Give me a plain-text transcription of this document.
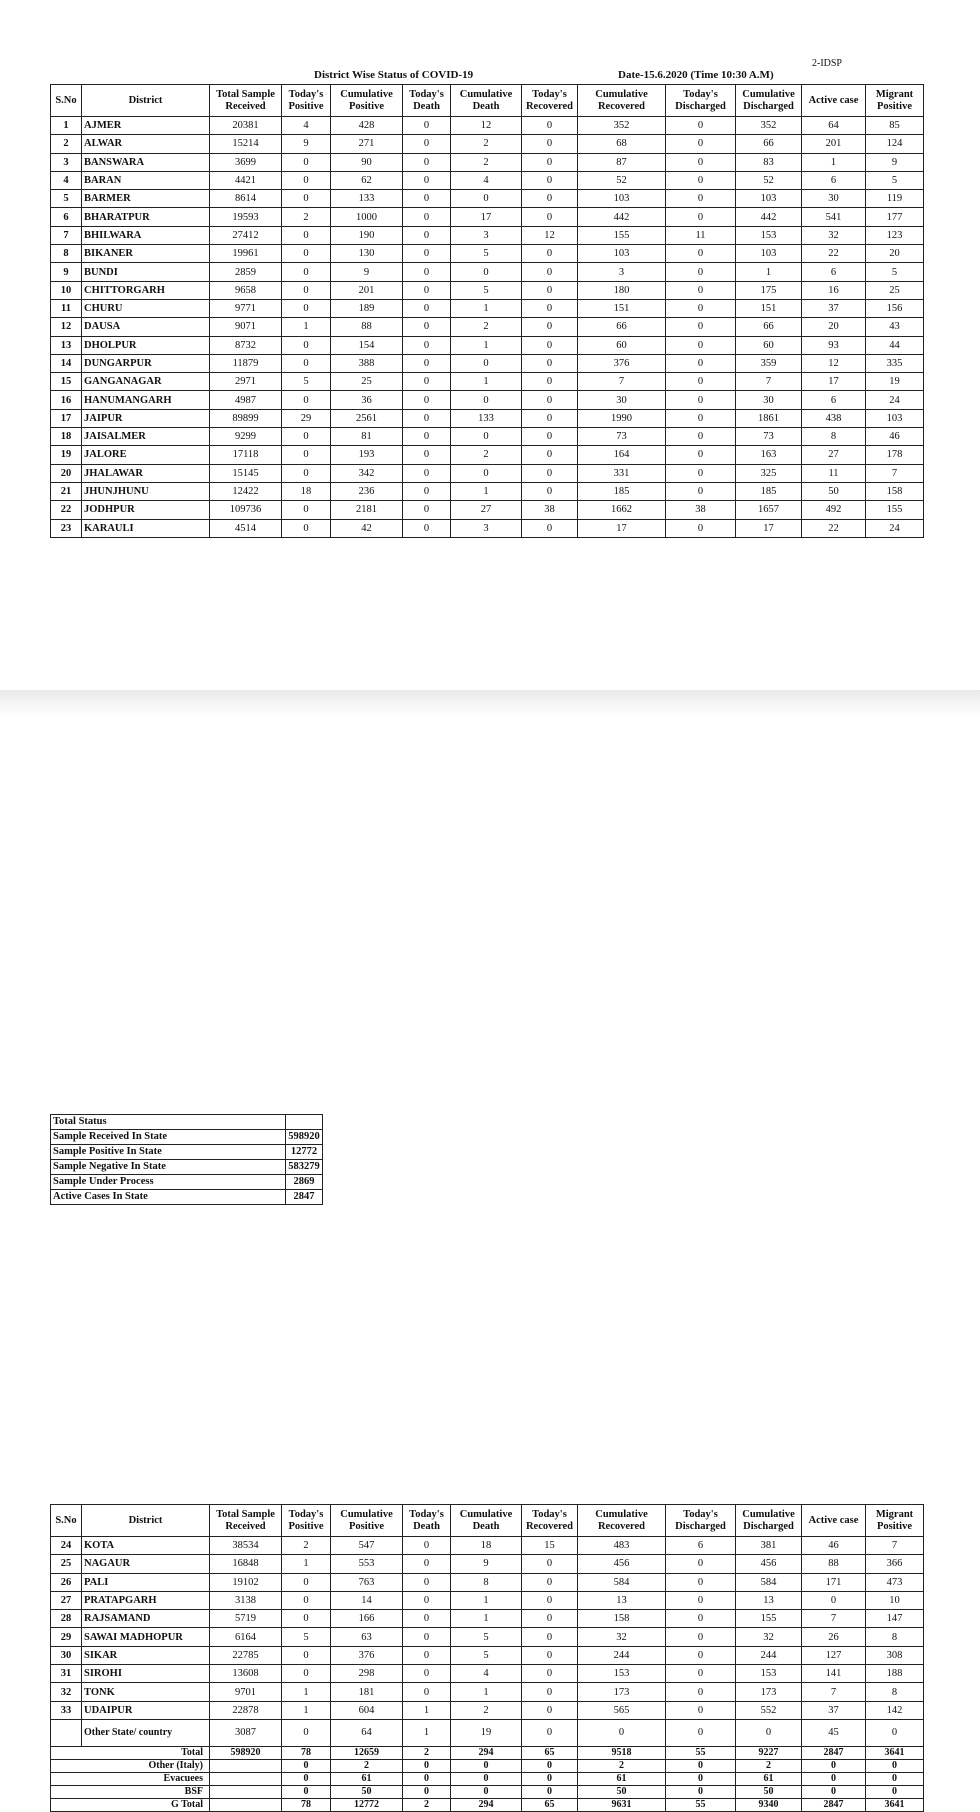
2-IDSP
District Wise Status of COVID-19	Date-15.6.2020 (Time 10:30 A.M)
S.No	District	Total Sample Received	Today's Positive	Cumulative Positive	Today's Death	Cumulative Death	Today's Recovered	Cumulative Recovered	Today's Discharged	Cumulative Discharged	Active case	Migrant Positive
1	AJMER	20381	4	428	0	12	0	352	0	352	64	85
2	ALWAR	15214	9	271	0	2	0	68	0	66	201	124
3	BANSWARA	3699	0	90	0	2	0	87	0	83	1	9
4	BARAN	4421	0	62	0	4	0	52	0	52	6	5
5	BARMER	8614	0	133	0	0	0	103	0	103	30	119
6	BHARATPUR	19593	2	1000	0	17	0	442	0	442	541	177
7	BHILWARA	27412	0	190	0	3	12	155	11	153	32	123
8	BIKANER	19961	0	130	0	5	0	103	0	103	22	20
9	BUNDI	2859	0	9	0	0	0	3	0	1	6	5
10	CHITTORGARH	9658	0	201	0	5	0	180	0	175	16	25
11	CHURU	9771	0	189	0	1	0	151	0	151	37	156
12	DAUSA	9071	1	88	0	2	0	66	0	66	20	43
13	DHOLPUR	8732	0	154	0	1	0	60	0	60	93	44
14	DUNGARPUR	11879	0	388	0	0	0	376	0	359	12	335
15	GANGANAGAR	2971	5	25	0	1	0	7	0	7	17	19
16	HANUMANGARH	4987	0	36	0	0	0	30	0	30	6	24
17	JAIPUR	89899	29	2561	0	133	0	1990	0	1861	438	103
18	JAISALMER	9299	0	81	0	0	0	73	0	73	8	46
19	JALORE	17118	0	193	0	2	0	164	0	163	27	178
20	JHALAWAR	15145	0	342	0	0	0	331	0	325	11	7
21	JHUNJHUNU	12422	18	236	0	1	0	185	0	185	50	158
22	JODHPUR	109736	0	2181	0	27	38	1662	38	1657	492	155
23	KARAULI	4514	0	42	0	3	0	17	0	17	22	24
S.No	District	Total Sample Received	Today's Positive	Cumulative Positive	Today's Death	Cumulative Death	Today's Recovered	Cumulative Recovered	Today's Discharged	Cumulative Discharged	Active case	Migrant Positive
24	KOTA	38534	2	547	0	18	15	483	6	381	46	7
25	NAGAUR	16848	1	553	0	9	0	456	0	456	88	366
26	PALI	19102	0	763	0	8	0	584	0	584	171	473
27	PRATAPGARH	3138	0	14	0	1	0	13	0	13	0	10
28	RAJSAMAND	5719	0	166	0	1	0	158	0	155	7	147
29	SAWAI MADHOPUR	6164	5	63	0	5	0	32	0	32	26	8
30	SIKAR	22785	0	376	0	5	0	244	0	244	127	308
31	SIROHI	13608	0	298	0	4	0	153	0	153	141	188
32	TONK	9701	1	181	0	1	0	173	0	173	7	8
33	UDAIPUR	22878	1	604	1	2	0	565	0	552	37	142
	Other State/ country	3087	0	64	1	19	0	0	0	0	45	0
Total		598920	78	12659	2	294	65	9518	55	9227	2847	3641
Other (Italy)			0	2	0	0	0	2	0	2	0	0
Evacuees			0	61	0	0	0	61	0	61	0	0
BSF			0	50	0	0	0	50	0	50	0	0
G Total			78	12772	2	294	65	9631	55	9340	2847	3641
Total Status	
Sample Received In State	598920
Sample Positive In State	12772
Sample Negative In State	583279
Sample Under Process	2869
Active Cases In State	2847
